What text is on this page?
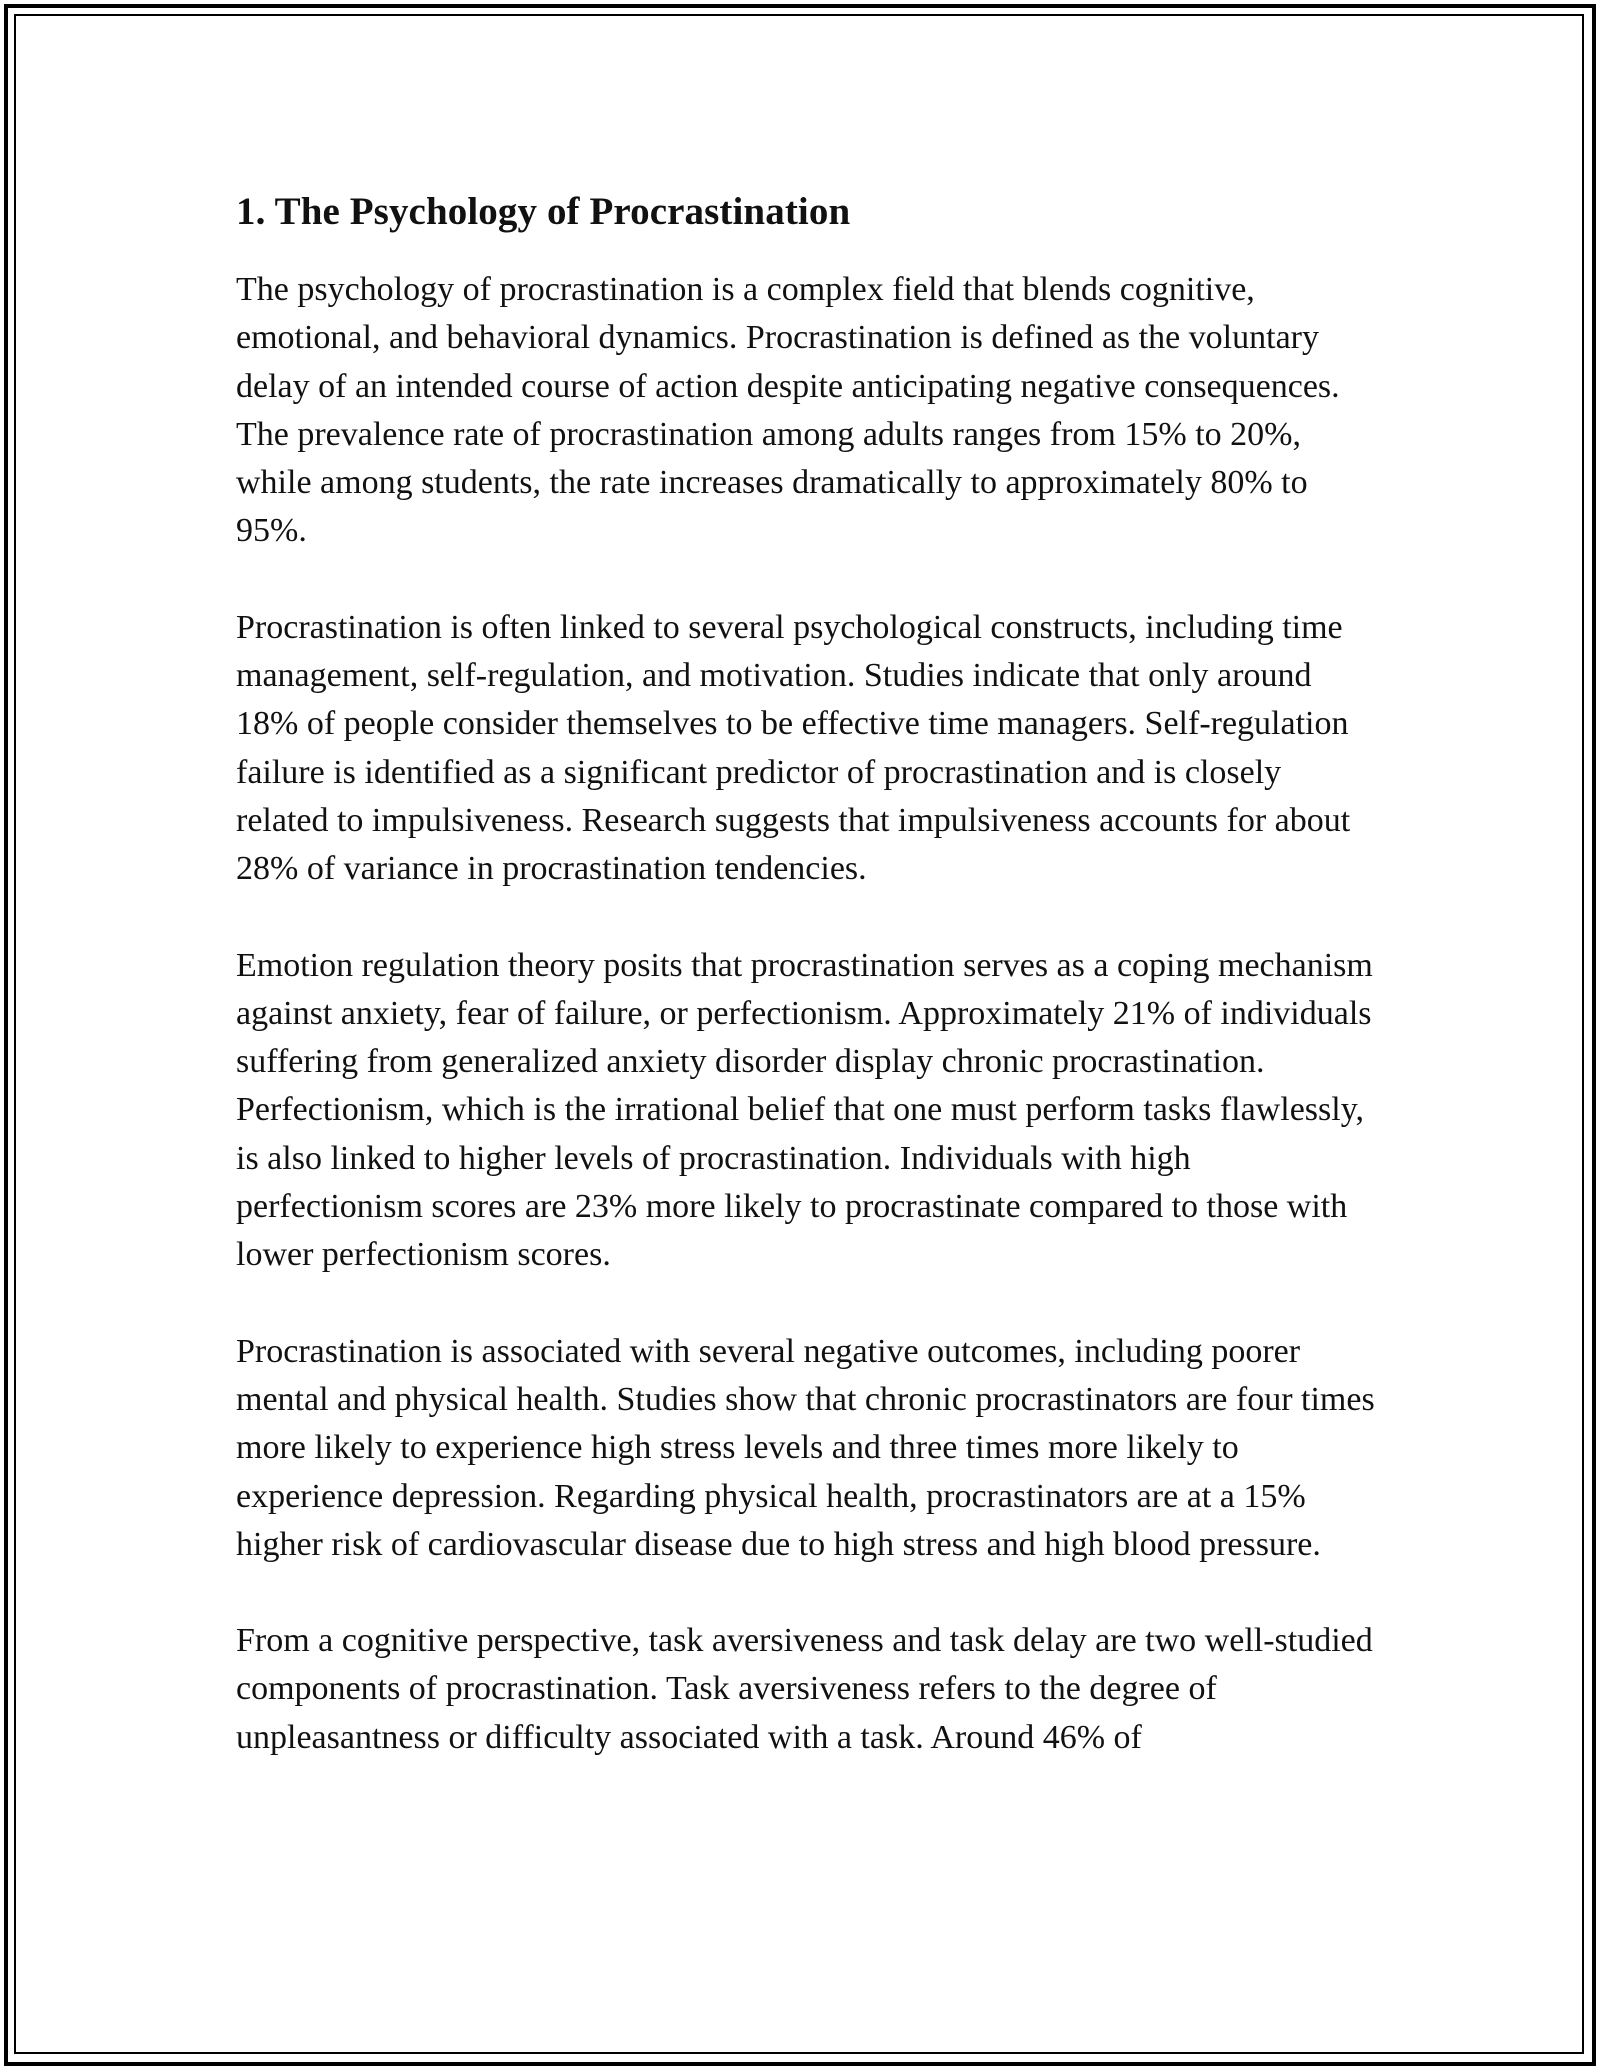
1. The Psychology of Procrastination

The psychology of procrastination is a complex field that blends cognitive, emotional, and behavioral dynamics. Procrastination is defined as the voluntary delay of an intended course of action despite anticipating negative consequences. The prevalence rate of procrastination among adults ranges from 15% to 20%, while among students, the rate increases dramatically to approximately 80% to 95%.

Procrastination is often linked to several psychological constructs, including time management, self-regulation, and motivation. Studies indicate that only around 18% of people consider themselves to be effective time managers. Self-regulation failure is identified as a significant predictor of procrastination and is closely related to impulsiveness. Research suggests that impulsiveness accounts for about 28% of variance in procrastination tendencies.

Emotion regulation theory posits that procrastination serves as a coping mechanism against anxiety, fear of failure, or perfectionism. Approximately 21% of individuals suffering from generalized anxiety disorder display chronic procrastination. Perfectionism, which is the irrational belief that one must perform tasks flawlessly, is also linked to higher levels of procrastination. Individuals with high perfectionism scores are 23% more likely to procrastinate compared to those with lower perfectionism scores.

Procrastination is associated with several negative outcomes, including poorer mental and physical health. Studies show that chronic procrastinators are four times more likely to experience high stress levels and three times more likely to experience depression. Regarding physical health, procrastinators are at a 15% higher risk of cardiovascular disease due to high stress and high blood pressure.

From a cognitive perspective, task aversiveness and task delay are two well-studied components of procrastination. Task aversiveness refers to the degree of unpleasantness or difficulty associated with a task. Around 46% of
